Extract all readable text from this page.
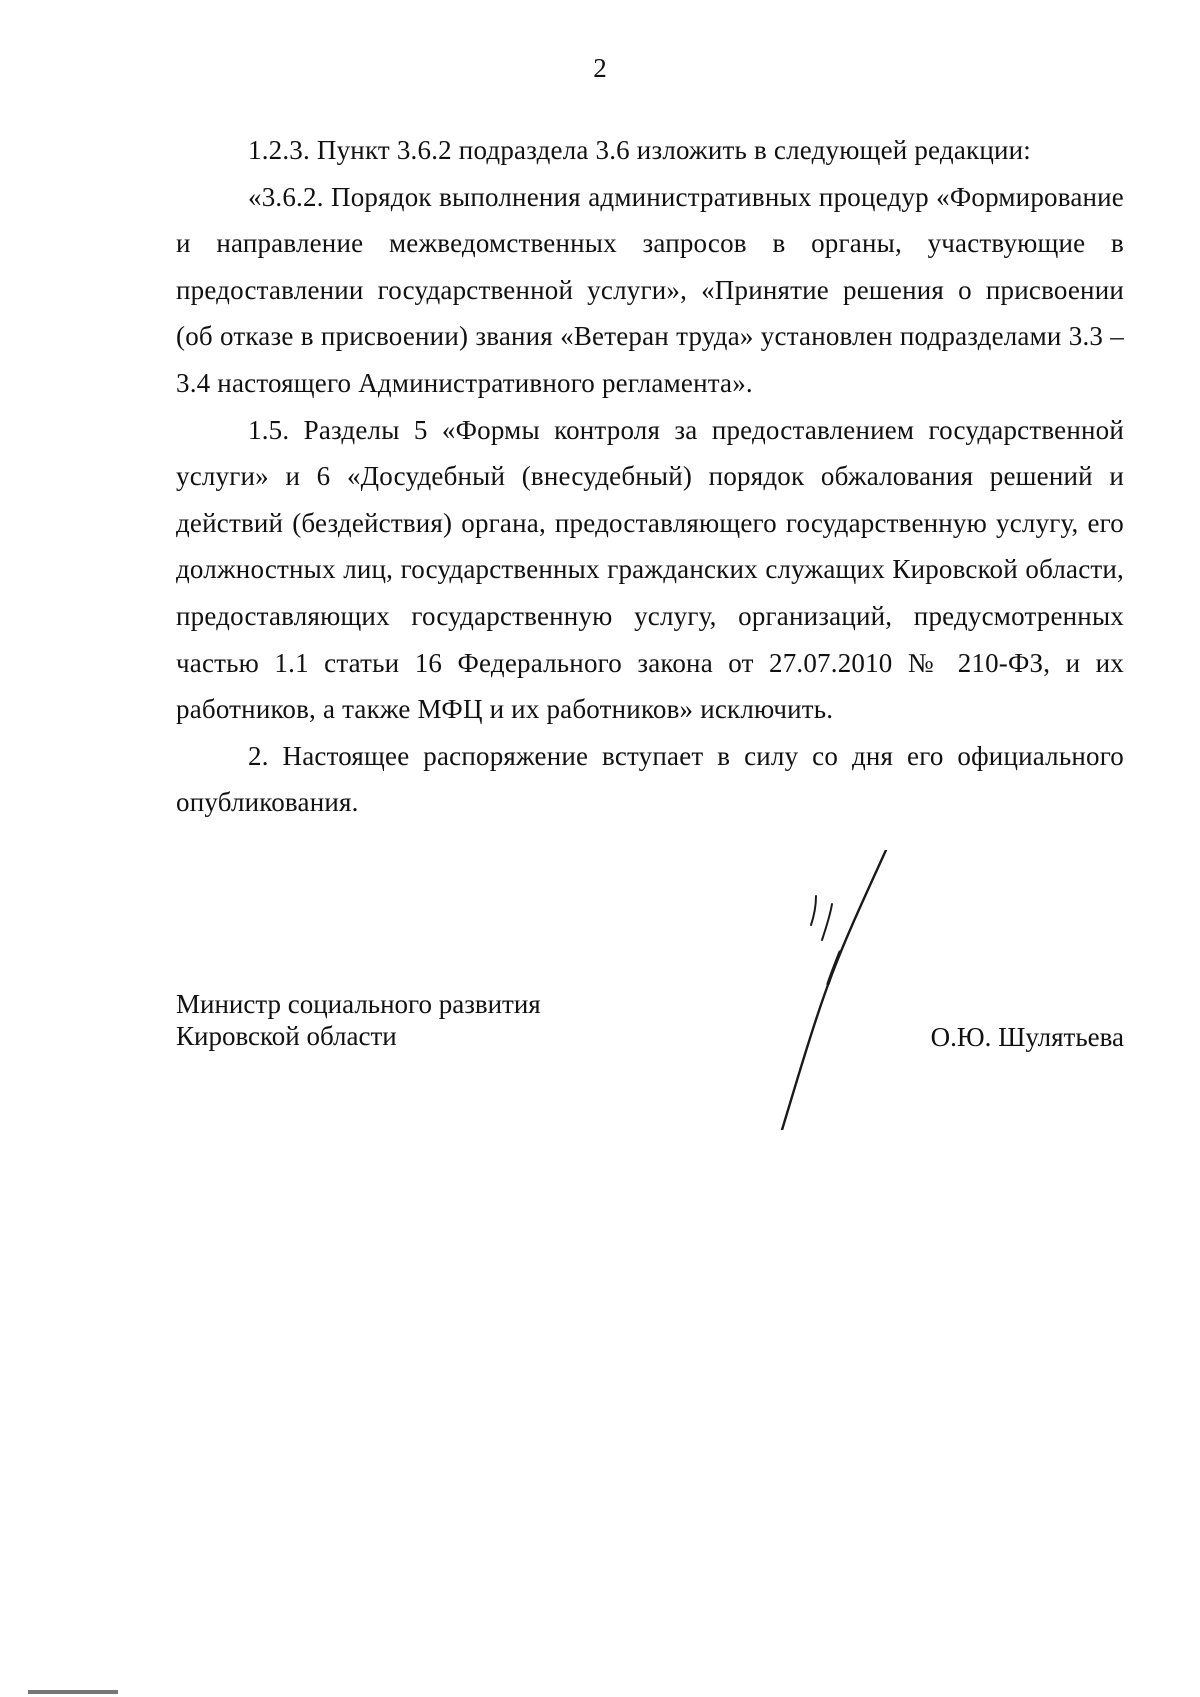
2

1.2.3. Пункт 3.6.2 подраздела 3.6 изложить в следующей редакции:

«3.6.2. Порядок выполнения административных процедур «Формирование и направление межведомственных запросов в органы, участвующие в предоставлении государственной услуги», «Принятие решения о присвоении (об отказе в присвоении) звания «Ветеран труда» установлен подразделами 3.3 – 3.4 настоящего Административного регламента».

1.5. Разделы 5 «Формы контроля за предоставлением государственной услуги» и 6 «Досудебный (внесудебный) порядок обжалования решений и действий (бездействия) органа, предоставляющего государственную услугу, его должностных лиц, государственных гражданских служащих Кировской области, предоставляющих государственную услугу, организаций, предусмотренных частью 1.1 статьи 16 Федерального закона от 27.07.2010 № 210-ФЗ, и их работников, а также МФЦ и их работников» исключить.

2. Настоящее распоряжение вступает в силу со дня его официального опубликования.

Министр социального развития
Кировской области	О.Ю. Шулятьева
